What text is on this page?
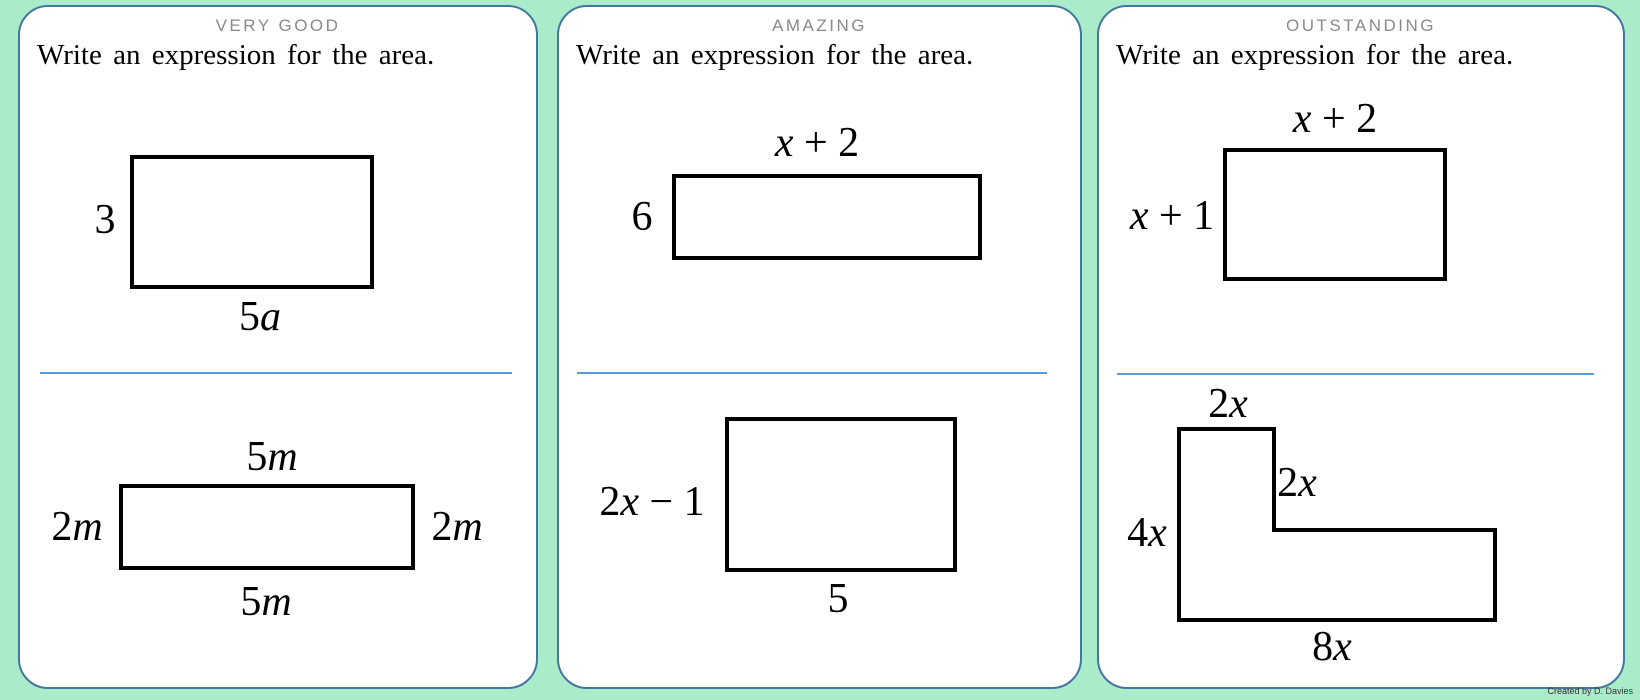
VERY GOOD
Write an expression for the area.
3
5a
5m
2m	2m
5m
AMAZING
Write an expression for the area.
x + 2
6
2x − 1
5
OUTSTANDING
Write an expression for the area.
x + 2
x + 1
2x
2x
4x
8x
Created by D. Davies
